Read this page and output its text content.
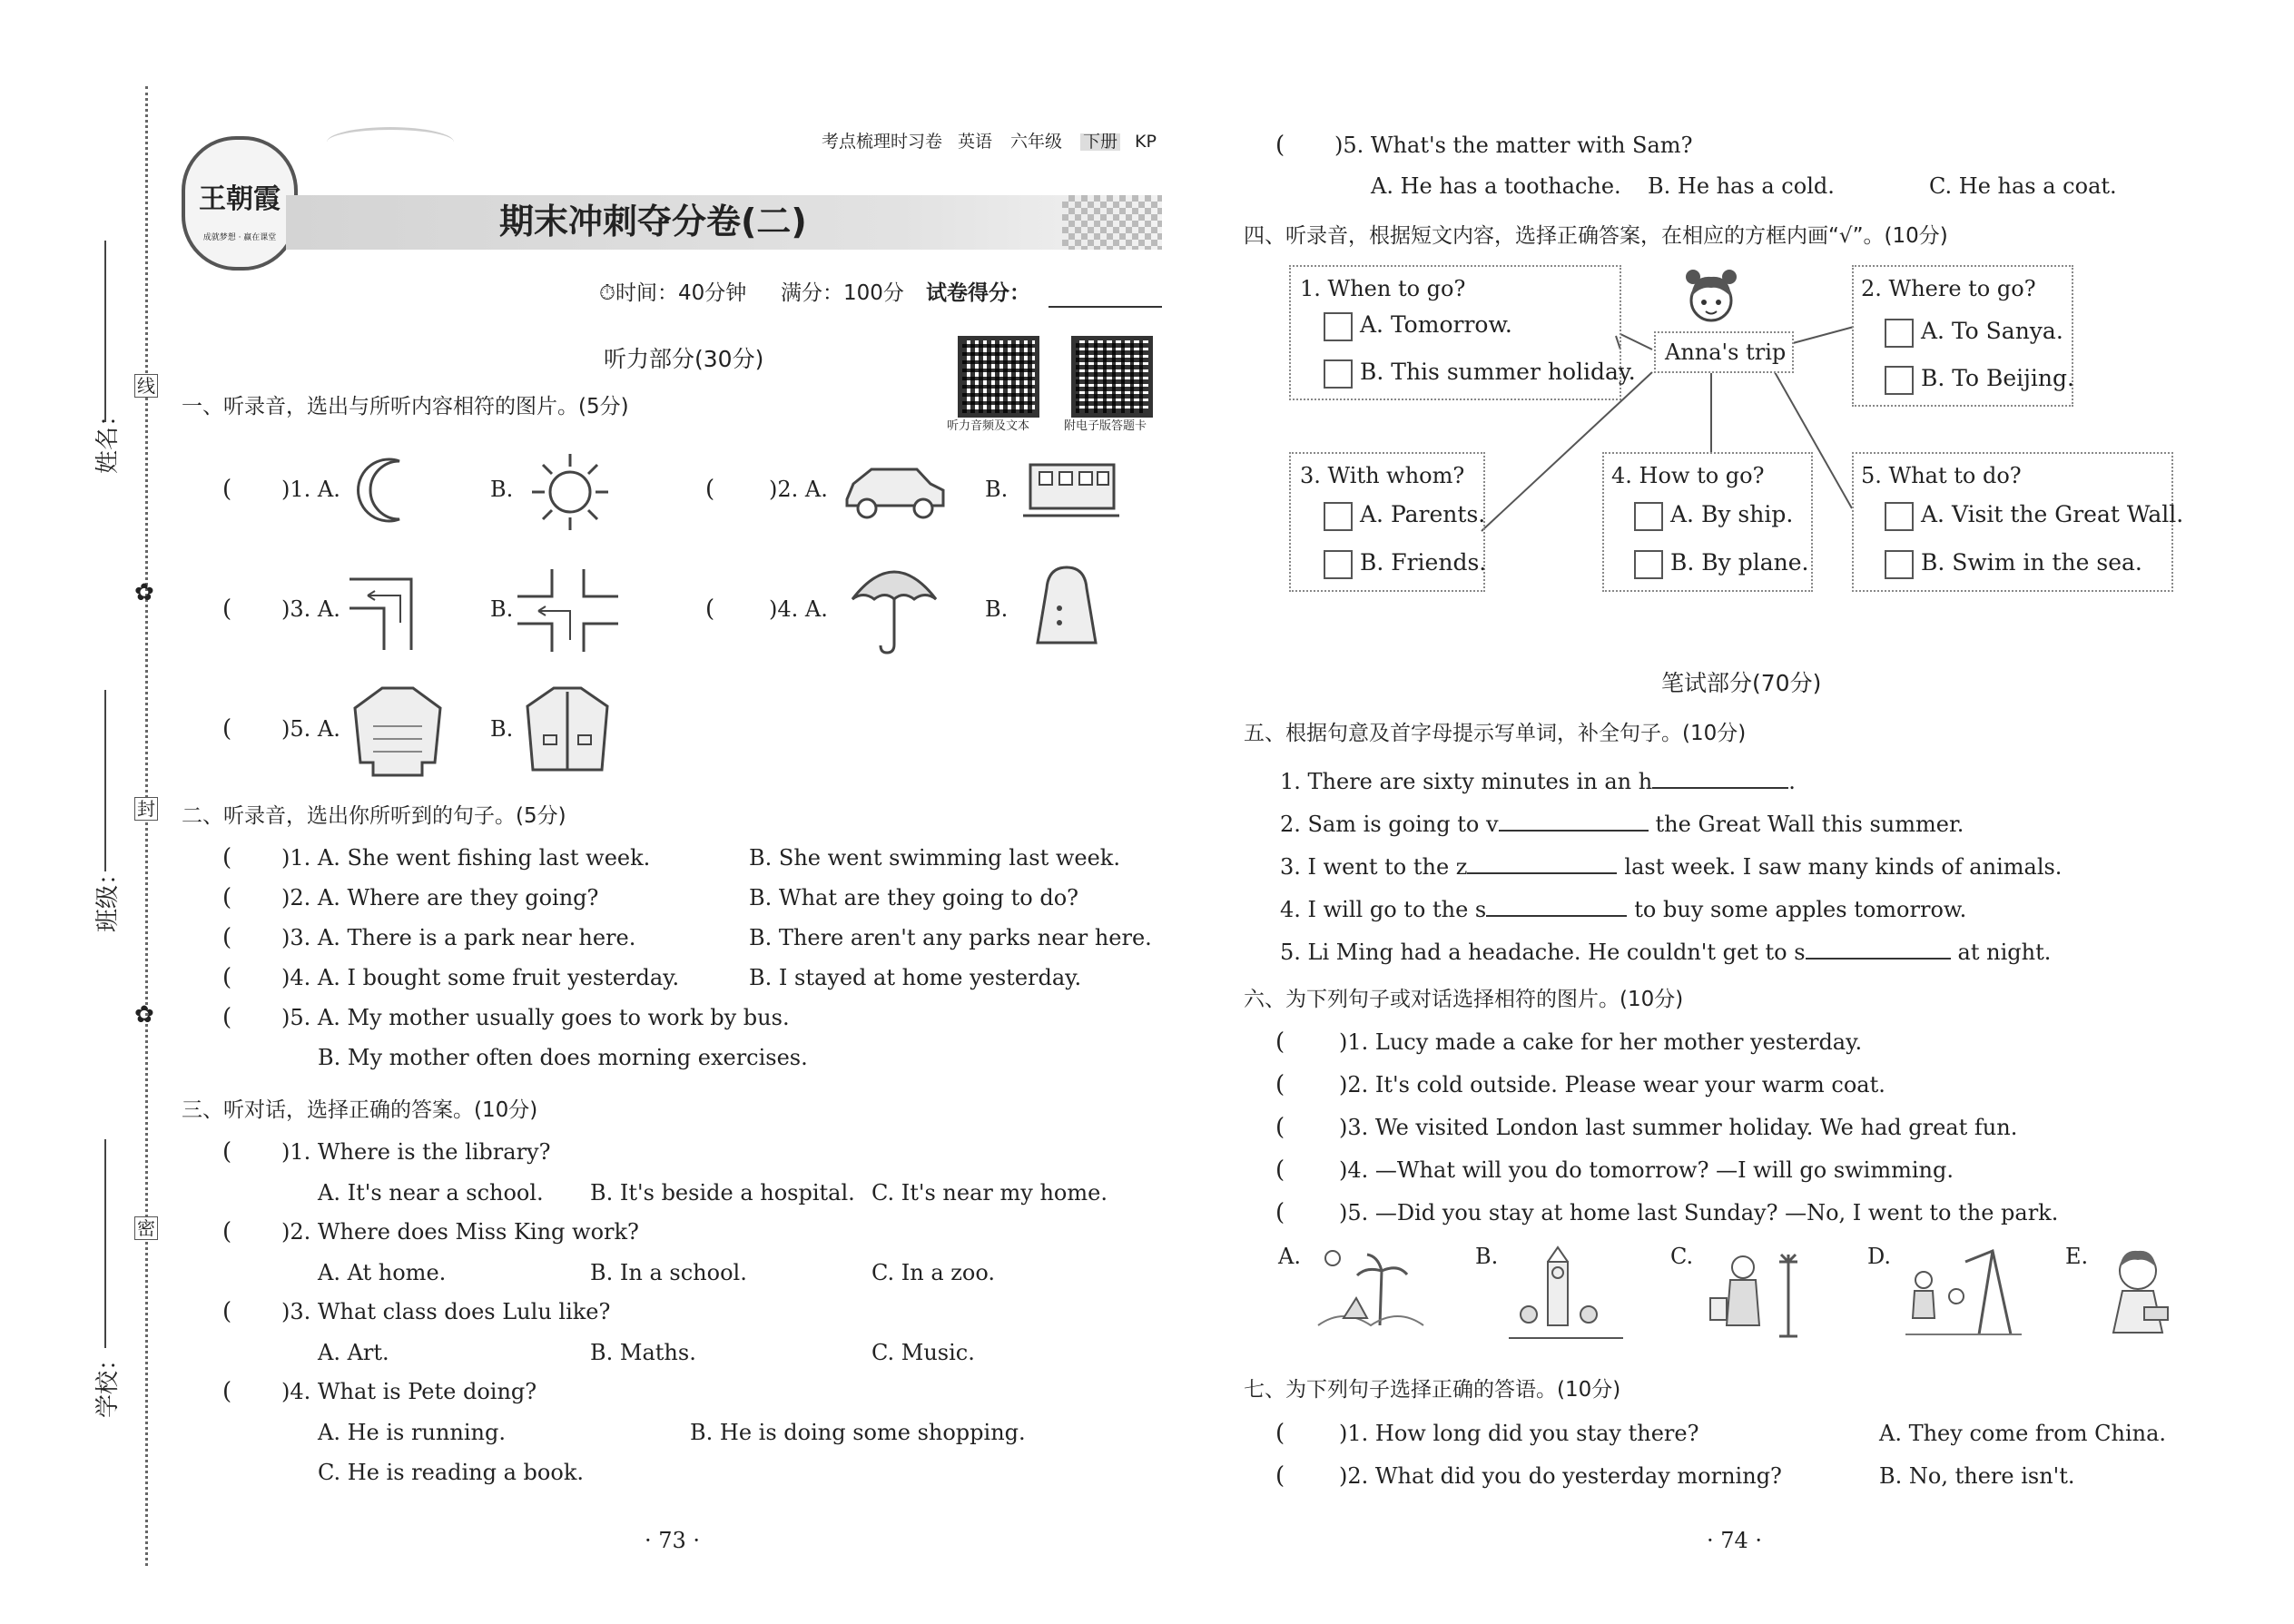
姓名：
班级：
学校：
线
封
密
✿
✿
王朝霞
成就梦想 · 赢在课堂
考点梳理时习卷 英语 六年级 下册 KP
期末冲刺夺分卷(二)
⏱时间：40分钟 满分：100分 试卷得分：
听力部分(30分)
听力音频及文本	附电子版答题卡
一、听录音，选出与所听内容相符的图片。(5分)
( )1. A.	B.	( )2. A.	B.
( )3. A.	B.	( )4. A.	B.
( )5. A.	B.
二、听录音，选出你所听到的句子。(5分)
( )1. A. She went fishing last week.	B. She went swimming last week.
( )2. A. Where are they going?	B. What are they going to do?
( )3. A. There is a park near here.	B. There aren't any parks near here.
( )4. A. I bought some fruit yesterday.	B. I stayed at home yesterday.
( )5. A. My mother usually goes to work by bus.
B. My mother often does morning exercises.
三、听对话，选择正确的答案。(10分)
( )1. Where is the library?
A. It's near a school. B. It's beside a hospital. C. It's near my home.
( )2. Where does Miss King work?
A. At home.	B. In a school.	C. In a zoo.
( )3. What class does Lulu like?
A. Art.	B. Maths.	C. Music.
( )4. What is Pete doing?
A. He is running.	B. He is doing some shopping.
C. He is reading a book.
· 73 ·
( )5. What's the matter with Sam?
A. He has a toothache. B. He has a cold.	C. He has a coat.
四、听录音，根据短文内容，选择正确答案，在相应的方框内画“√”。(10分)
1. When to go?
A. Tomorrow.
B. This summer holiday.
Anna's trip
2. Where to go?
A. To Sanya.
B. To Beijing.
3. With whom?
A. Parents.
B. Friends.
4. How to go?
A. By ship.
B. By plane.
5. What to do?
A. Visit the Great Wall.
B. Swim in the sea.
笔试部分(70分)
五、根据句意及首字母提示写单词，补全句子。(10分)
1. There are sixty minutes in an h	.
2. Sam is going to v	the Great Wall this summer.
3. I went to the z	last week. I saw many kinds of animals.
4. I will go to the s	to buy some apples tomorrow.
5. Li Ming had a headache. He couldn't get to s	at night.
六、为下列句子或对话选择相符的图片。(10分)
( )1. Lucy made a cake for her mother yesterday.
( )2. It's cold outside. Please wear your warm coat.
( )3. We visited London last summer holiday. We had great fun.
( )4. —What will you do tomorrow? —I will go swimming.
( )5. —Did you stay at home last Sunday? —No, I went to the park.
A.	B.	C.	D.	E.
七、为下列句子选择正确的答语。(10分)
( )1. How long did you stay there?	A. They come from China.
( )2. What did you do yesterday morning?	B. No, there isn't.
· 74 ·
